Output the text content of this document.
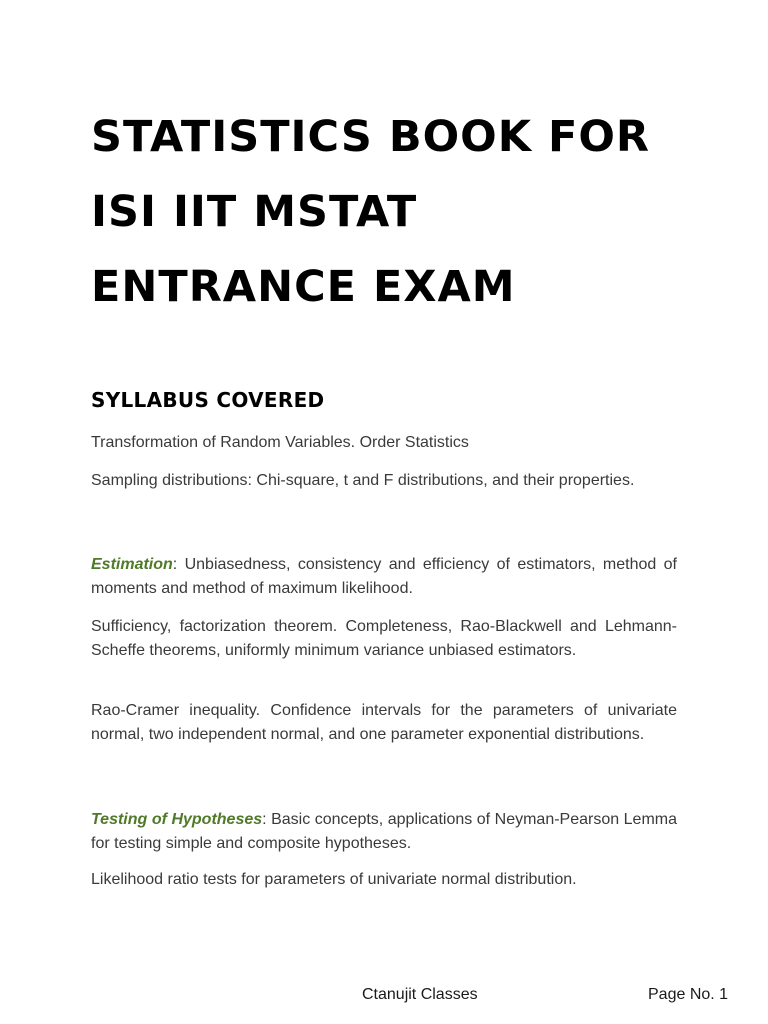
STATISTICS BOOK FOR
ISI IIT MSTAT
ENTRANCE EXAM
SYLLABUS COVERED

Transformation of Random Variables. Order Statistics

Sampling distributions: Chi-square, t and F distributions, and their properties.

Estimation: Unbiasedness, consistency and efficiency of estimators, method of moments and method of maximum likelihood.

Sufficiency, factorization theorem. Completeness, Rao-Blackwell and Lehmann-Scheffe theorems, uniformly minimum variance unbiased estimators.

Rao-Cramer inequality. Confidence intervals for the parameters of univariate normal, two independent normal, and one parameter exponential distributions.

Testing of Hypotheses: Basic concepts, applications of Neyman-Pearson Lemma for testing simple and composite hypotheses.

Likelihood ratio tests for parameters of univariate normal distribution.

Ctanujit Classes	Page No. 1
